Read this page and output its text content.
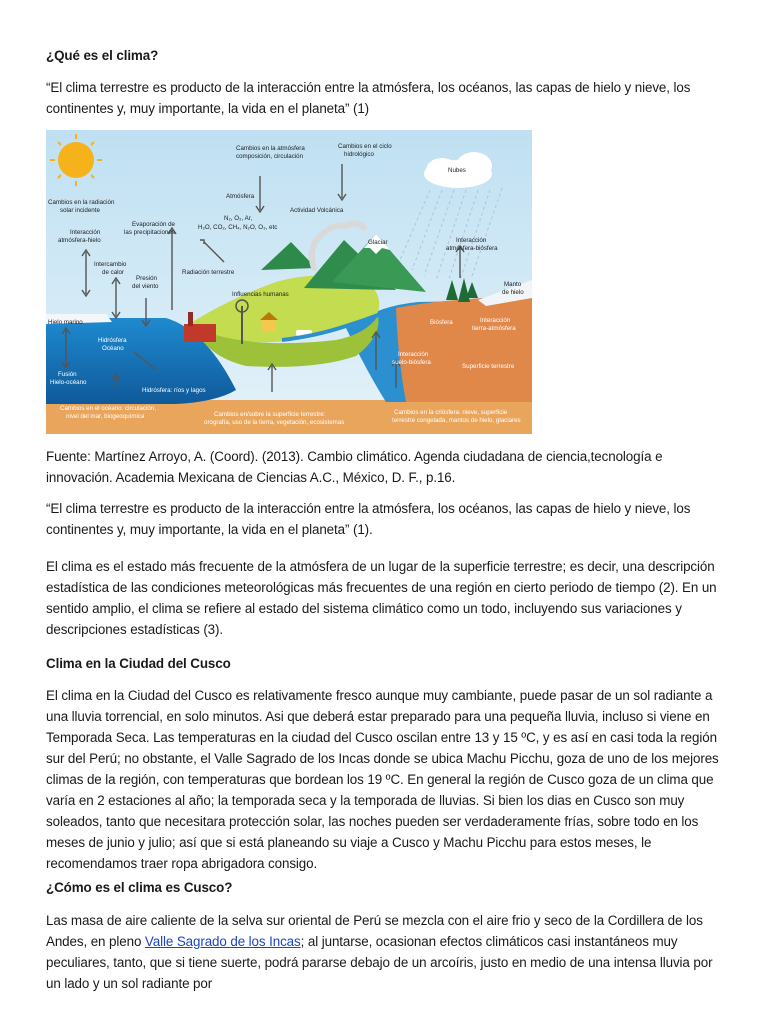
¿Qué es el clima?

“El clima terrestre es producto de la interacción entre la atmósfera, los océanos, las capas de hielo y nieve, los continentes y, muy importante, la vida en el planeta” (1)

Cambios en la atmósfera
composición, circulación
Cambios en el ciclo
hidrológico
Nubes
Atmósfera
Actividad Volcánica
Cambios en la radiación
solar incidente
N₂, O₂, Ar,
H₂O, CO₂, CH₄, N₂O, O₃, etc
Evaporación de
las precipitaciones
Interacción
atmósfera-hielo	Glaciar	Interacción
atmósfera-biósfera
Intercambio
de calor
Presión
del viento
Radiación terrestre
Manto
de hielo
Influencias humanas
Hielo marino	Biósfera	Interacción
tierra-atmósfera
Hidrósfera
Océano
Interacción
suelo-biósfera
Superficie terrestre
Fusión
Hielo-océano
Hidrósfera: ríos y lagos
Cambios en el océano: circulación,
nivel del mar, biogeoquímica	Cambios en/sobre la superficie terrestre:
orografía, uso de la tierra, vegetación, ecosistemas
Cambios en la criósfera: nieve, superficie
terrestre congelada, mantos de hielo, glaciares

Fuente: Martínez Arroyo, A. (Coord). (2013). Cambio climático. Agenda ciudadana de ciencia,tecnología e innovación. Academia Mexicana de Ciencias A.C., México, D. F., p.16.

“El clima terrestre es producto de la interacción entre la atmósfera, los océanos, las capas de hielo y nieve, los continentes y, muy importante, la vida en el planeta” (1).

El clima es el estado más frecuente de la atmósfera de un lugar de la superficie terrestre; es decir, una descripción estadística de las condiciones meteorológicas más frecuentes de una región en cierto periodo de tiempo (2). En un sentido amplio, el clima se refiere al estado del sistema climático como un todo, incluyendo sus variaciones y descripciones estadísticas (3).

Clima en la Ciudad del Cusco

El clima en la Ciudad del Cusco es relativamente fresco aunque muy cambiante, puede pasar de un sol radiante a una lluvia torrencial, en solo minutos. Asi que deberá estar preparado para una pequeña lluvia, incluso si viene en Temporada Seca. Las temperaturas en la ciudad del Cusco oscilan entre 13 y 15 ºC, y es así en casi toda la región sur del Perú; no obstante, el Valle Sagrado de los Incas donde se ubica Machu Picchu, goza de uno de los mejores climas de la región, con temperaturas que bordean los 19 ºC. En general la región de Cusco goza de un clima que varía en 2 estaciones al año; la temporada seca y la temporada de lluvias. Si bien los dias en Cusco son muy soleados, tanto que necesitara protección solar, las noches pueden ser verdaderamente frías, sobre todo en los meses de junio y julio; así que si está planeando su viaje a Cusco y Machu Picchu para estos meses, le recomendamos traer ropa abrigadora consigo.

¿Cómo es el clima es Cusco?

Las masa de aire caliente de la selva sur oriental de Perú se mezcla con el aire frio y seco de la Cordillera de los Andes, en pleno Valle Sagrado de los Incas; al juntarse, ocasionan efectos climáticos casi instantáneos muy peculiares, tanto, que si tiene suerte, podrá pararse debajo de un arcoíris, justo en medio de una intensa lluvia por un lado y un sol radiante por
